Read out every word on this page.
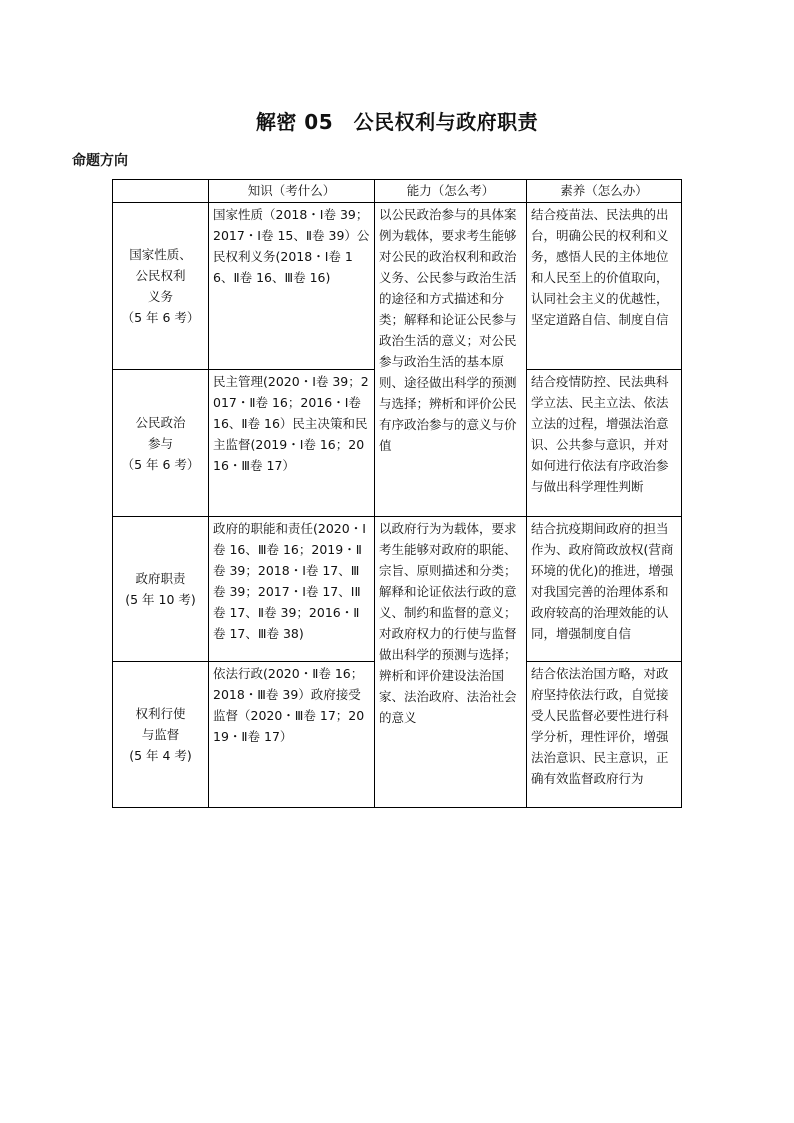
解密 05　公民权利与政府职责
命题方向
	知识（考什么）	能力（怎么考）	素养（怎么办）

国家性质、
公民权利
义务
（5 年 6 考）	国家性质（2018・Ⅰ卷 39；2017・Ⅰ卷 15、Ⅱ卷 39）公民权利义务(2018・Ⅰ卷 16、Ⅱ卷 16、Ⅲ卷 16)	以公民政治参与的具体案例为载体，要求考生能够对公民的政治权利和政治义务、公民参与政治生活的途径和方式描述和分类；解释和论证公民参与政治生活的意义；对公民参与政治生活的基本原则、途径做出科学的预测与选择；辨析和评价公民有序政治参与的意义与价值	结合疫苗法、民法典的出台，明确公民的权利和义务，感悟人民的主体地位和人民至上的价值取向，认同社会主义的优越性，坚定道路自信、制度自信

公民政治
参与
（5 年 6 考）	民主管理(2020・Ⅰ卷 39；2017・Ⅱ卷 16；2016・Ⅰ卷 16、Ⅱ卷 16）民主决策和民主监督(2019・Ⅰ卷 16；2016・Ⅲ卷 17）		结合疫情防控、民法典科学立法、民主立法、依法立法的过程，增强法治意识、公共参与意识，并对如何进行依法有序政治参与做出科学理性判断

政府职责
(5 年 10 考)	政府的职能和责任(2020・Ⅰ卷 16、Ⅲ卷 16；2019・Ⅱ卷 39；2018・Ⅰ卷 17、Ⅲ卷 39；2017・Ⅰ卷 17、ⅠⅡ卷 17、Ⅱ卷 39；2016・Ⅱ卷 17、Ⅲ卷 38)	以政府行为为载体，要求考生能够对政府的职能、宗旨、原则描述和分类；解释和论证依法行政的意义、制约和监督的意义；对政府权力的行使与监督做出科学的预测与选择；辨析和评价建设法治国家、法治政府、法治社会的意义	结合抗疫期间政府的担当作为、政府简政放权(营商环境的优化)的推进，增强对我国完善的治理体系和政府较高的治理效能的认同，增强制度自信

权利行使
与监督
(5 年 4 考)	依法行政(2020・Ⅱ卷 16；2018・Ⅲ卷 39）政府接受监督（2020・Ⅲ卷 17；2019・Ⅱ卷 17）		结合依法治国方略，对政府坚持依法行政，自觉接受人民监督必要性进行科学分析，理性评价，增强法治意识、民主意识，正确有效监督政府行为
